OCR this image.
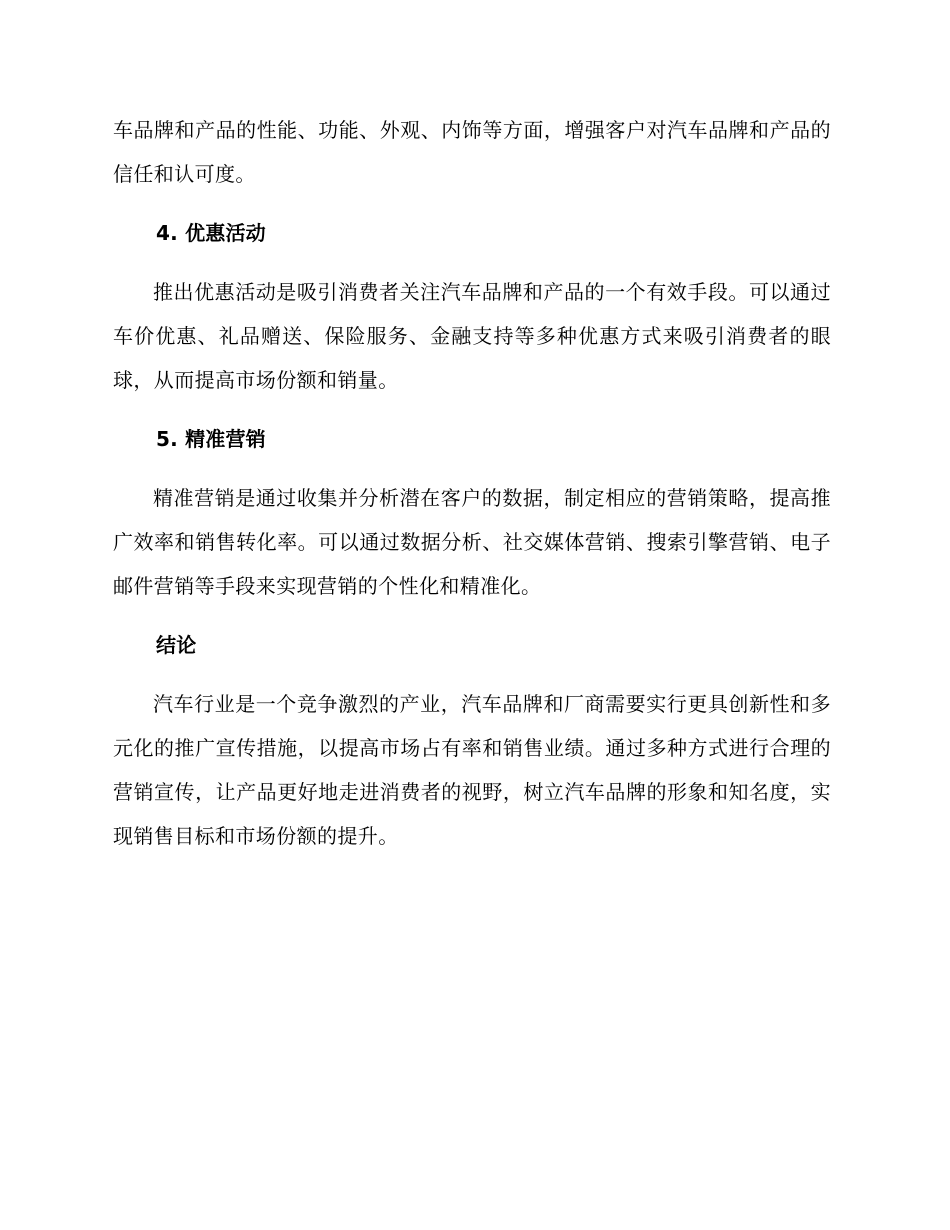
车品牌和产品的性能、功能、外观、内饰等方面，增强客户对汽车品牌和产品的信任和认可度。

4. 优惠活动

推出优惠活动是吸引消费者关注汽车品牌和产品的一个有效手段。可以通过车价优惠、礼品赠送、保险服务、金融支持等多种优惠方式来吸引消费者的眼球，从而提高市场份额和销量。

5. 精准营销

精准营销是通过收集并分析潜在客户的数据，制定相应的营销策略，提高推广效率和销售转化率。可以通过数据分析、社交媒体营销、搜索引擎营销、电子邮件营销等手段来实现营销的个性化和精准化。

结论

汽车行业是一个竞争激烈的产业，汽车品牌和厂商需要实行更具创新性和多元化的推广宣传措施，以提高市场占有率和销售业绩。通过多种方式进行合理的营销宣传，让产品更好地走进消费者的视野，树立汽车品牌的形象和知名度，实现销售目标和市场份额的提升。
